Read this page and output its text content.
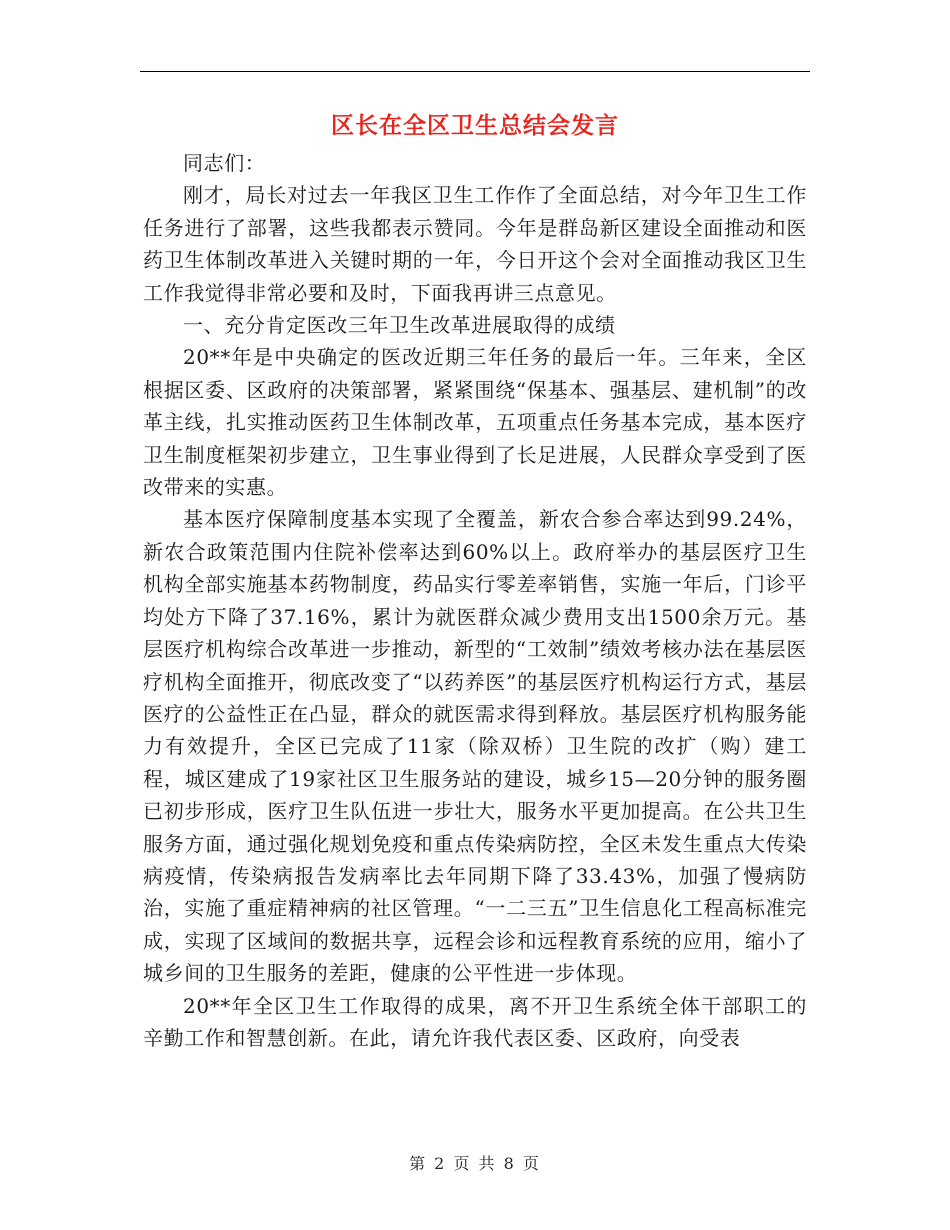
区长在全区卫生总结会发言

同志们：

刚才，局长对过去一年我区卫生工作作了全面总结，对今年卫生工作任务进行了部署，这些我都表示赞同。今年是群岛新区建设全面推动和医药卫生体制改革进入关键时期的一年，今日开这个会对全面推动我区卫生工作我觉得非常必要和及时，下面我再讲三点意见。

一、充分肯定医改三年卫生改革进展取得的成绩

20**年是中央确定的医改近期三年任务的最后一年。三年来，全区根据区委、区政府的决策部署，紧紧围绕“保基本、强基层、建机制”的改革主线，扎实推动医药卫生体制改革，五项重点任务基本完成，基本医疗卫生制度框架初步建立，卫生事业得到了长足进展，人民群众享受到了医改带来的实惠。

基本医疗保障制度基本实现了全覆盖，新农合参合率达到99.24%，新农合政策范围内住院补偿率达到60%以上。政府举办的基层医疗卫生机构全部实施基本药物制度，药品实行零差率销售，实施一年后，门诊平均处方下降了37.16%，累计为就医群众减少费用支出1500余万元。基层医疗机构综合改革进一步推动，新型的“工效制”绩效考核办法在基层医疗机构全面推开，彻底改变了“以药养医”的基层医疗机构运行方式，基层医疗的公益性正在凸显，群众的就医需求得到释放。基层医疗机构服务能力有效提升，全区已完成了11家（除双桥）卫生院的改扩（购）建工程，城区建成了19家社区卫生服务站的建设，城乡15—20分钟的服务圈已初步形成，医疗卫生队伍进一步壮大，服务水平更加提高。在公共卫生服务方面，通过强化规划免疫和重点传染病防控，全区未发生重点大传染病疫情，传染病报告发病率比去年同期下降了33.43%，加强了慢病防治，实施了重症精神病的社区管理。“一二三五”卫生信息化工程高标准完成，实现了区域间的数据共享，远程会诊和远程教育系统的应用，缩小了城乡间的卫生服务的差距，健康的公平性进一步体现。

20**年全区卫生工作取得的成果，离不开卫生系统全体干部职工的辛勤工作和智慧创新。在此，请允许我代表区委、区政府，向受表

第 2 页 共 8 页
